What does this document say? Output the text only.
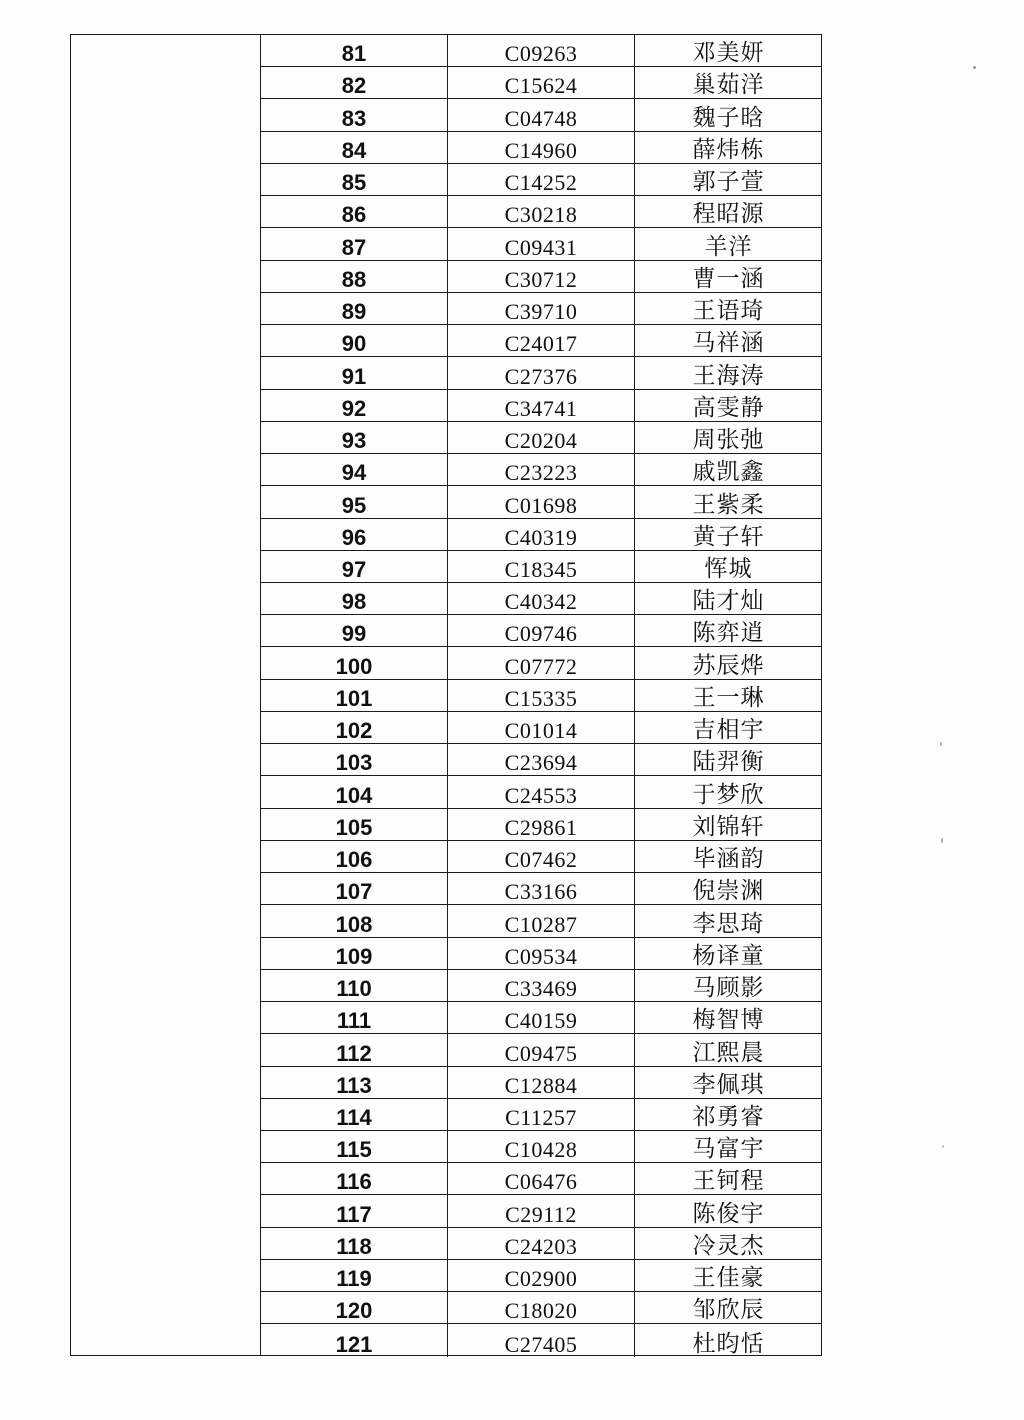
81	C09263	邓美妍
82	C15624	巢茹洋
83	C04748	魏子晗
84	C14960	薛炜栋
85	C14252	郭子萱
86	C30218	程昭源
87	C09431	羊洋
88	C30712	曹一涵
89	C39710	王语琦
90	C24017	马祥涵
91	C27376	王海涛
92	C34741	高雯静
93	C20204	周张弛
94	C23223	戚凯鑫
95	C01698	王紫柔
96	C40319	黄子轩
97	C18345	恽城
98	C40342	陆才灿
99	C09746	陈弈逍
100	C07772	苏辰烨
101	C15335	王一琳
102	C01014	吉相宇
103	C23694	陆羿衡
104	C24553	于梦欣
105	C29861	刘锦轩
106	C07462	毕涵韵
107	C33166	倪崇渊
108	C10287	李思琦
109	C09534	杨译童
110	C33469	马顾影
111	C40159	梅智博
112	C09475	江熙晨
113	C12884	李佩琪
114	C11257	祁勇睿
115	C10428	马富宇
116	C06476	王钶程
117	C29112	陈俊宇
118	C24203	冷灵杰
119	C02900	王佳豪
120	C18020	邹欣辰
121	C27405	杜昀恬
